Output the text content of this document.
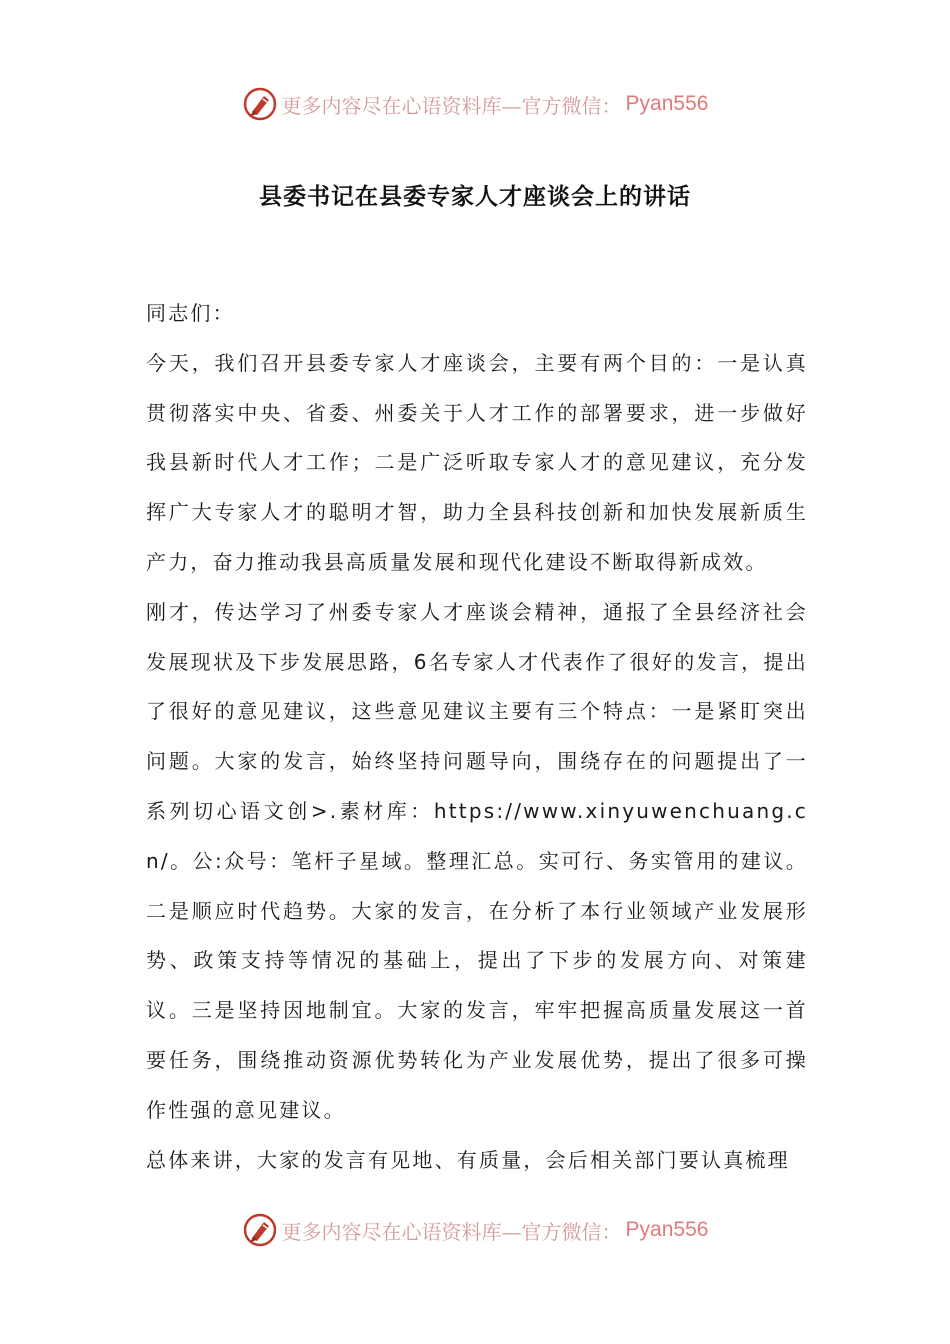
更多内容尽在心语资料库—官方微信： Pyan556
县委书记在县委专家人才座谈会上的讲话

同志们：

今天，我们召开县委专家人才座谈会，主要有两个目的：一是认真贯彻落实中央、省委、州委关于人才工作的部署要求，进一步做好我县新时代人才工作；二是广泛听取专家人才的意见建议，充分发挥广大专家人才的聪明才智，助力全县科技创新和加快发展新质生产力，奋力推动我县高质量发展和现代化建设不断取得新成效。

刚才，传达学习了州委专家人才座谈会精神，通报了全县经济社会发展现状及下步发展思路，6名专家人才代表作了很好的发言，提出了很好的意见建议，这些意见建议主要有三个特点：一是紧盯突出问题。大家的发言，始终坚持问题导向，围绕存在的问题提出了一系列切心语文创>.素材库：https://www.xinyuwenchuang.cn/。公:众号：笔杆子星域。整理汇总。实可行、务实管用的建议。二是顺应时代趋势。大家的发言，在分析了本行业领域产业发展形势、政策支持等情况的基础上，提出了下步的发展方向、对策建议。三是坚持因地制宜。大家的发言，牢牢把握高质量发展这一首要任务，围绕推动资源优势转化为产业发展优势，提出了很多可操作性强的意见建议。

总体来讲，大家的发言有见地、有质量，会后相关部门要认真梳理

更多内容尽在心语资料库—官方微信： Pyan556
